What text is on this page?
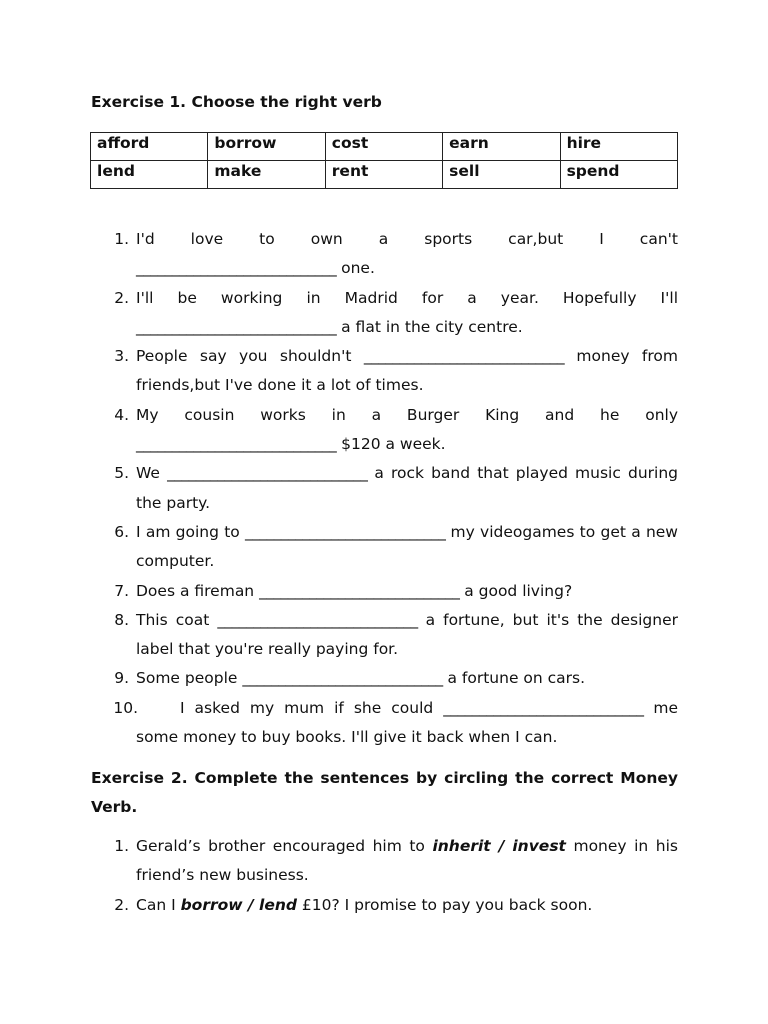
Exercise 1. Choose the right verb
afford	borrow	cost	earn	hire
lend	make	rent	sell	spend
1. I'd love to own a sports car,but I can't
____________________________ one.
2. I'll be working in Madrid for a year. Hopefully I'll
____________________________ a flat in the city centre.
3. People say you shouldn't ____________________________ money from friends,but I've done it a lot of times.
4. My cousin works in a Burger King and he only
____________________________ $120 a week.
5. We ____________________________ a rock band that played music during the party.
6. I am going to ____________________________ my videogames to get a new computer.
7. Does a fireman ____________________________ a good living?
8. This coat ____________________________ a fortune, but it's the designer label that you're really paying for.
9. Some people ____________________________ a fortune on cars.
10.	I asked my mum if she could ____________________________ me some money to buy books. I'll give it back when I can.
Exercise 2. Complete the sentences by circling the correct Money Verb.
1. Gerald’s brother encouraged him to inherit / invest money in his friend’s new business.
2. Can I borrow / lend £10? I promise to pay you back soon.
